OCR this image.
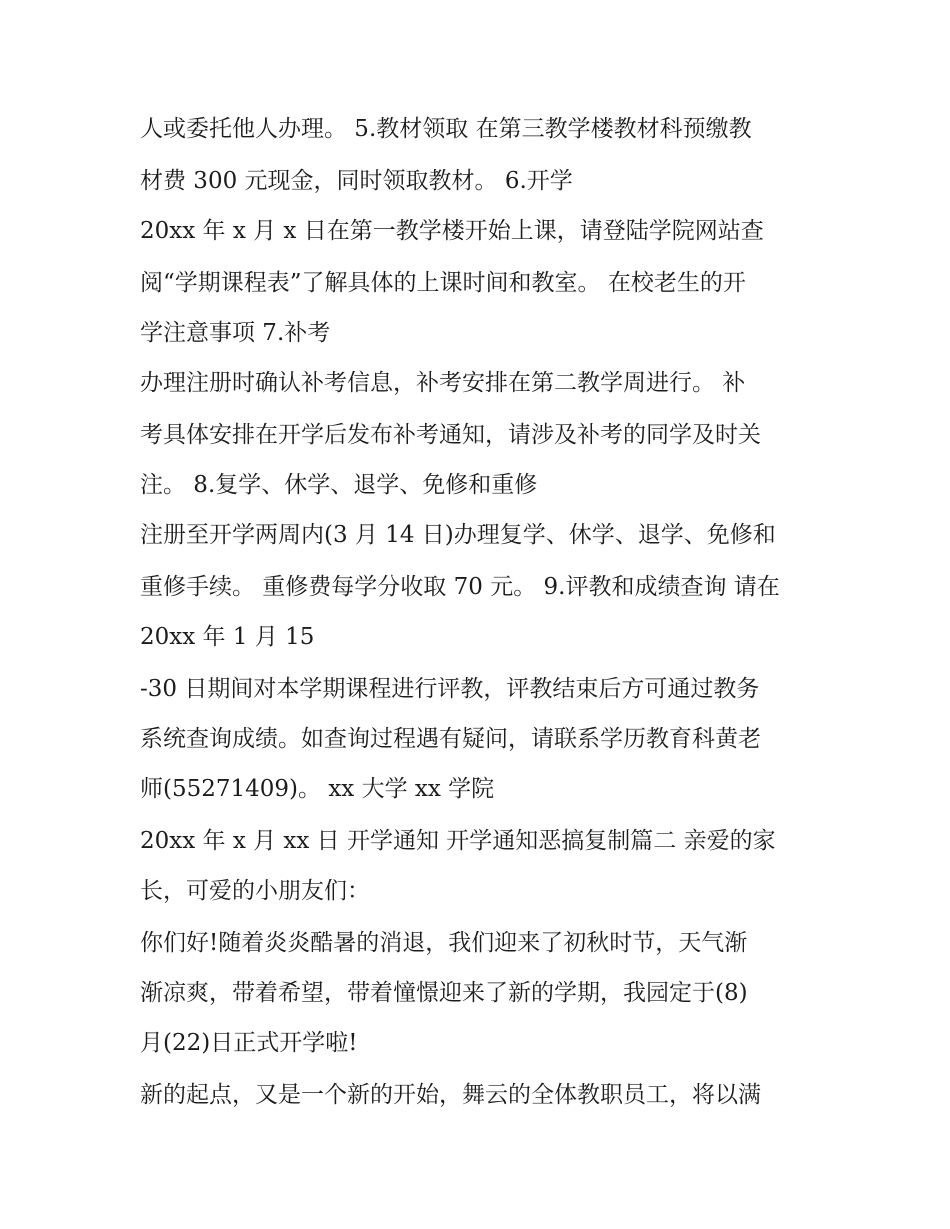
人或委托他人办理。 5.教材领取 在第三教学楼教材科预缴教
材费 300 元现金，同时领取教材。 6.开学
20xx 年 x 月 x 日在第一教学楼开始上课，请登陆学院网站查
阅“学期课程表”了解具体的上课时间和教室。 在校老生的开
学注意事项 7.补考
办理注册时确认补考信息，补考安排在第二教学周进行。 补
考具体安排在开学后发布补考通知，请涉及补考的同学及时关
注。 8.复学、休学、退学、免修和重修
注册至开学两周内(3 月 14 日)办理复学、休学、退学、免修和
重修手续。 重修费每学分收取 70 元。 9.评教和成绩查询 请在
20xx 年 1 月 15
-30 日期间对本学期课程进行评教，评教结束后方可通过教务
系统查询成绩。如查询过程遇有疑问，请联系学历教育科黄老
师(55271409)。 xx 大学 xx 学院
20xx 年 x 月 xx 日 开学通知 开学通知恶搞复制篇二 亲爱的家
长，可爱的小朋友们：
你们好!随着炎炎酷暑的消退，我们迎来了初秋时节，天气渐
渐凉爽，带着希望，带着憧憬迎来了新的学期，我园定于(8)
月(22)日正式开学啦!
新的起点，又是一个新的开始，舞云的全体教职员工，将以满
